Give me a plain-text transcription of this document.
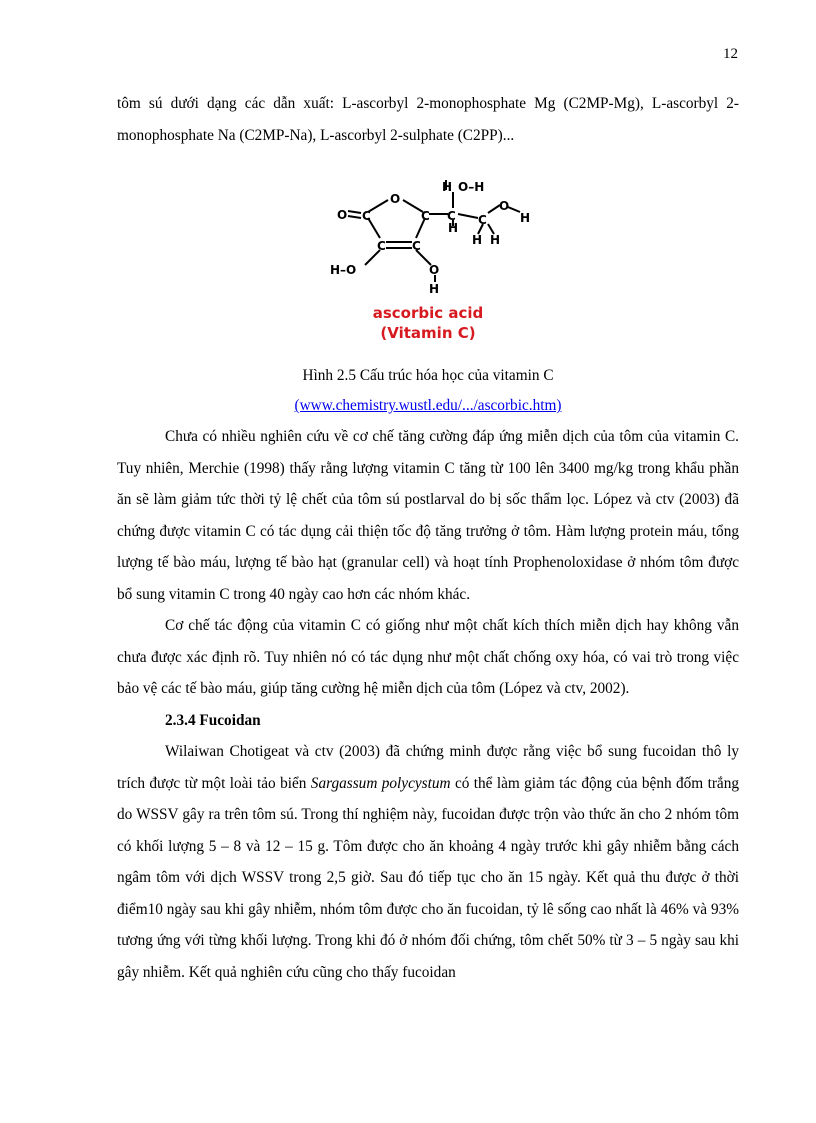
12

tôm sú dưới dạng các dẫn xuất: L-ascorbyl 2-monophosphate Mg (C2MP-Mg), L-ascorbyl 2-monophosphate Na (C2MP-Na), L-ascorbyl 2-sulphate (C2PP)...

O C
O
C
C C
H–O	O
H
C
H
H O–H
C
H H
O
H
ascorbic acid
(Vitamin C)
Hình 2.5 Cấu trúc hóa học của vitamin C
(www.chemistry.wustl.edu/.../ascorbic.htm)

Chưa có nhiều nghiên cứu về cơ chế tăng cường đáp ứng miễn dịch của tôm của vitamin C. Tuy nhiên, Merchie (1998) thấy rằng lượng vitamin C tăng từ 100 lên 3400 mg/kg trong khẩu phần ăn sẽ làm giảm tức thời tỷ lệ chết của tôm sú postlarval do bị sốc thẩm lọc. López và ctv (2003) đã chứng được vitamin C có tác dụng cải thiện tốc độ tăng trưởng ở tôm. Hàm lượng protein máu, tổng lượng tế bào máu, lượng tế bào hạt (granular cell) và hoạt tính Prophenoloxidase ở nhóm tôm được bổ sung vitamin C trong 40 ngày cao hơn các nhóm khác.

Cơ chế tác động của vitamin C có giống như một chất kích thích miễn dịch hay không vẫn chưa được xác định rõ. Tuy nhiên nó có tác dụng như một chất chống oxy hóa, có vai trò trong việc bảo vệ các tế bào máu, giúp tăng cường hệ miễn dịch của tôm (López và ctv, 2002).

2.3.4 Fucoidan

Wilaiwan Chotigeat và ctv (2003) đã chứng minh được rằng việc bổ sung fucoidan thô ly trích được từ một loài tảo biển Sargassum polycystum có thể làm giảm tác động của bệnh đốm trắng do WSSV gây ra trên tôm sú. Trong thí nghiệm này, fucoidan được trộn vào thức ăn cho 2 nhóm tôm có khối lượng 5 – 8 và 12 – 15 g. Tôm được cho ăn khoảng 4 ngày trước khi gây nhiễm bằng cách ngâm tôm với dịch WSSV trong 2,5 giờ. Sau đó tiếp tục cho ăn 15 ngày. Kết quả thu được ở thời điểm10 ngày sau khi gây nhiễm, nhóm tôm được cho ăn fucoidan, tỷ lê sống cao nhất là 46% và 93% tương ứng với từng khối lượng. Trong khi đó ở nhóm đối chứng, tôm chết 50% từ 3 – 5 ngày sau khi gây nhiễm. Kết quả nghiên cứu cũng cho thấy fucoidan
